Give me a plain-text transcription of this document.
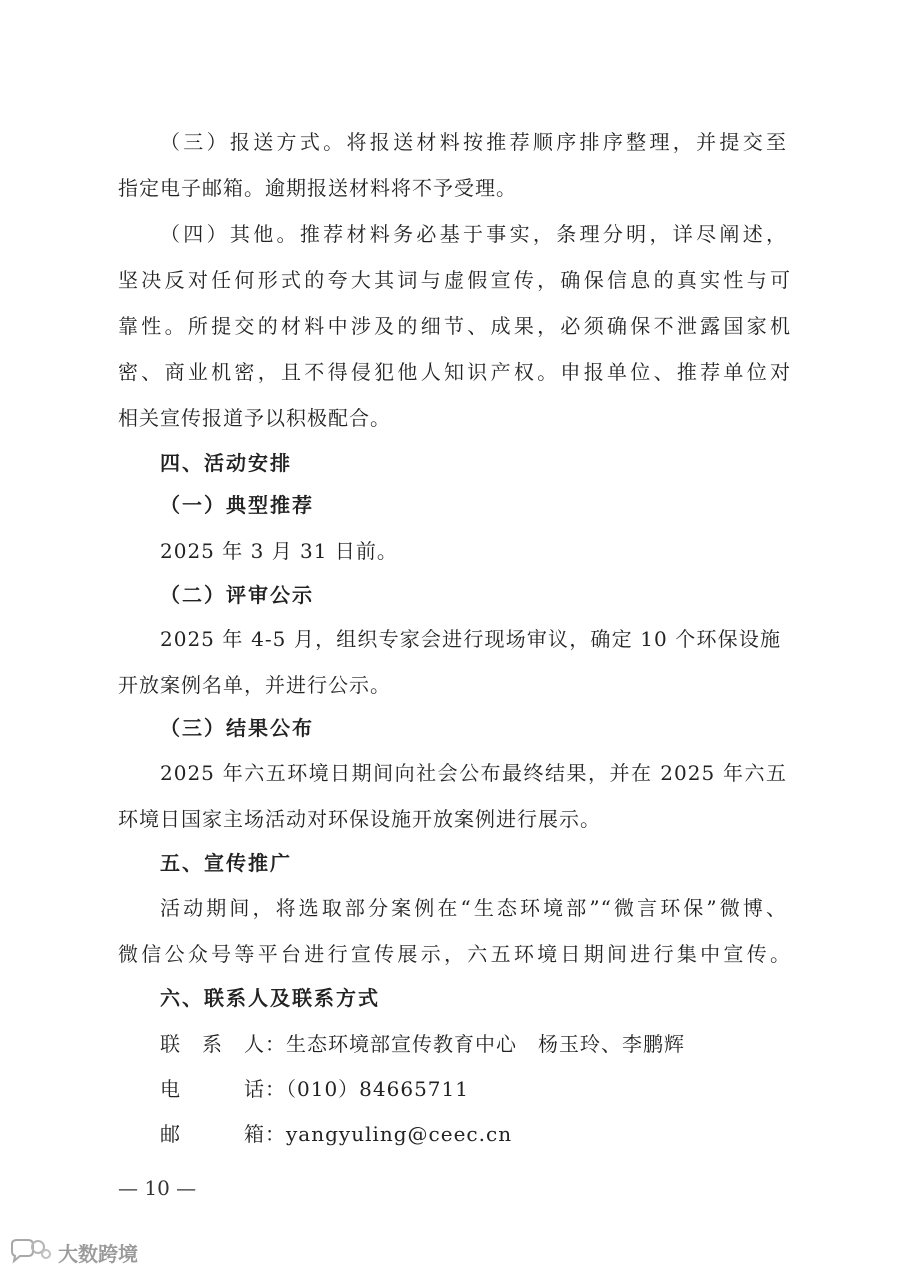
（三）报送方式。将报送材料按推荐顺序排序整理，并提交至
指定电子邮箱。逾期报送材料将不予受理。
（四）其他。推荐材料务必基于事实，条理分明，详尽阐述，
坚决反对任何形式的夸大其词与虚假宣传，确保信息的真实性与可
靠性。所提交的材料中涉及的细节、成果，必须确保不泄露国家机
密、商业机密，且不得侵犯他人知识产权。申报单位、推荐单位对
相关宣传报道予以积极配合。
四、活动安排
（一）典型推荐
2025 年 3 月 31 日前。
（二）评审公示
2025 年 4-5 月，组织专家会进行现场审议，确定 10 个环保设施
开放案例名单，并进行公示。
（三）结果公布
2025 年六五环境日期间向社会公布最终结果，并在 2025 年六五
环境日国家主场活动对环保设施开放案例进行展示。
五、宣传推广
活动期间，将选取部分案例在“生态环境部”“微言环保”微博、
微信公众号等平台进行宣传展示，六五环境日期间进行集中宣传。
六、联系人及联系方式
联　系　人：生态环境部宣传教育中心　杨玉玲、李鹏辉
电　　　话：（010）84665711
邮　　　箱：yangyuling@ceec.cn
— 10 —
大数跨境
